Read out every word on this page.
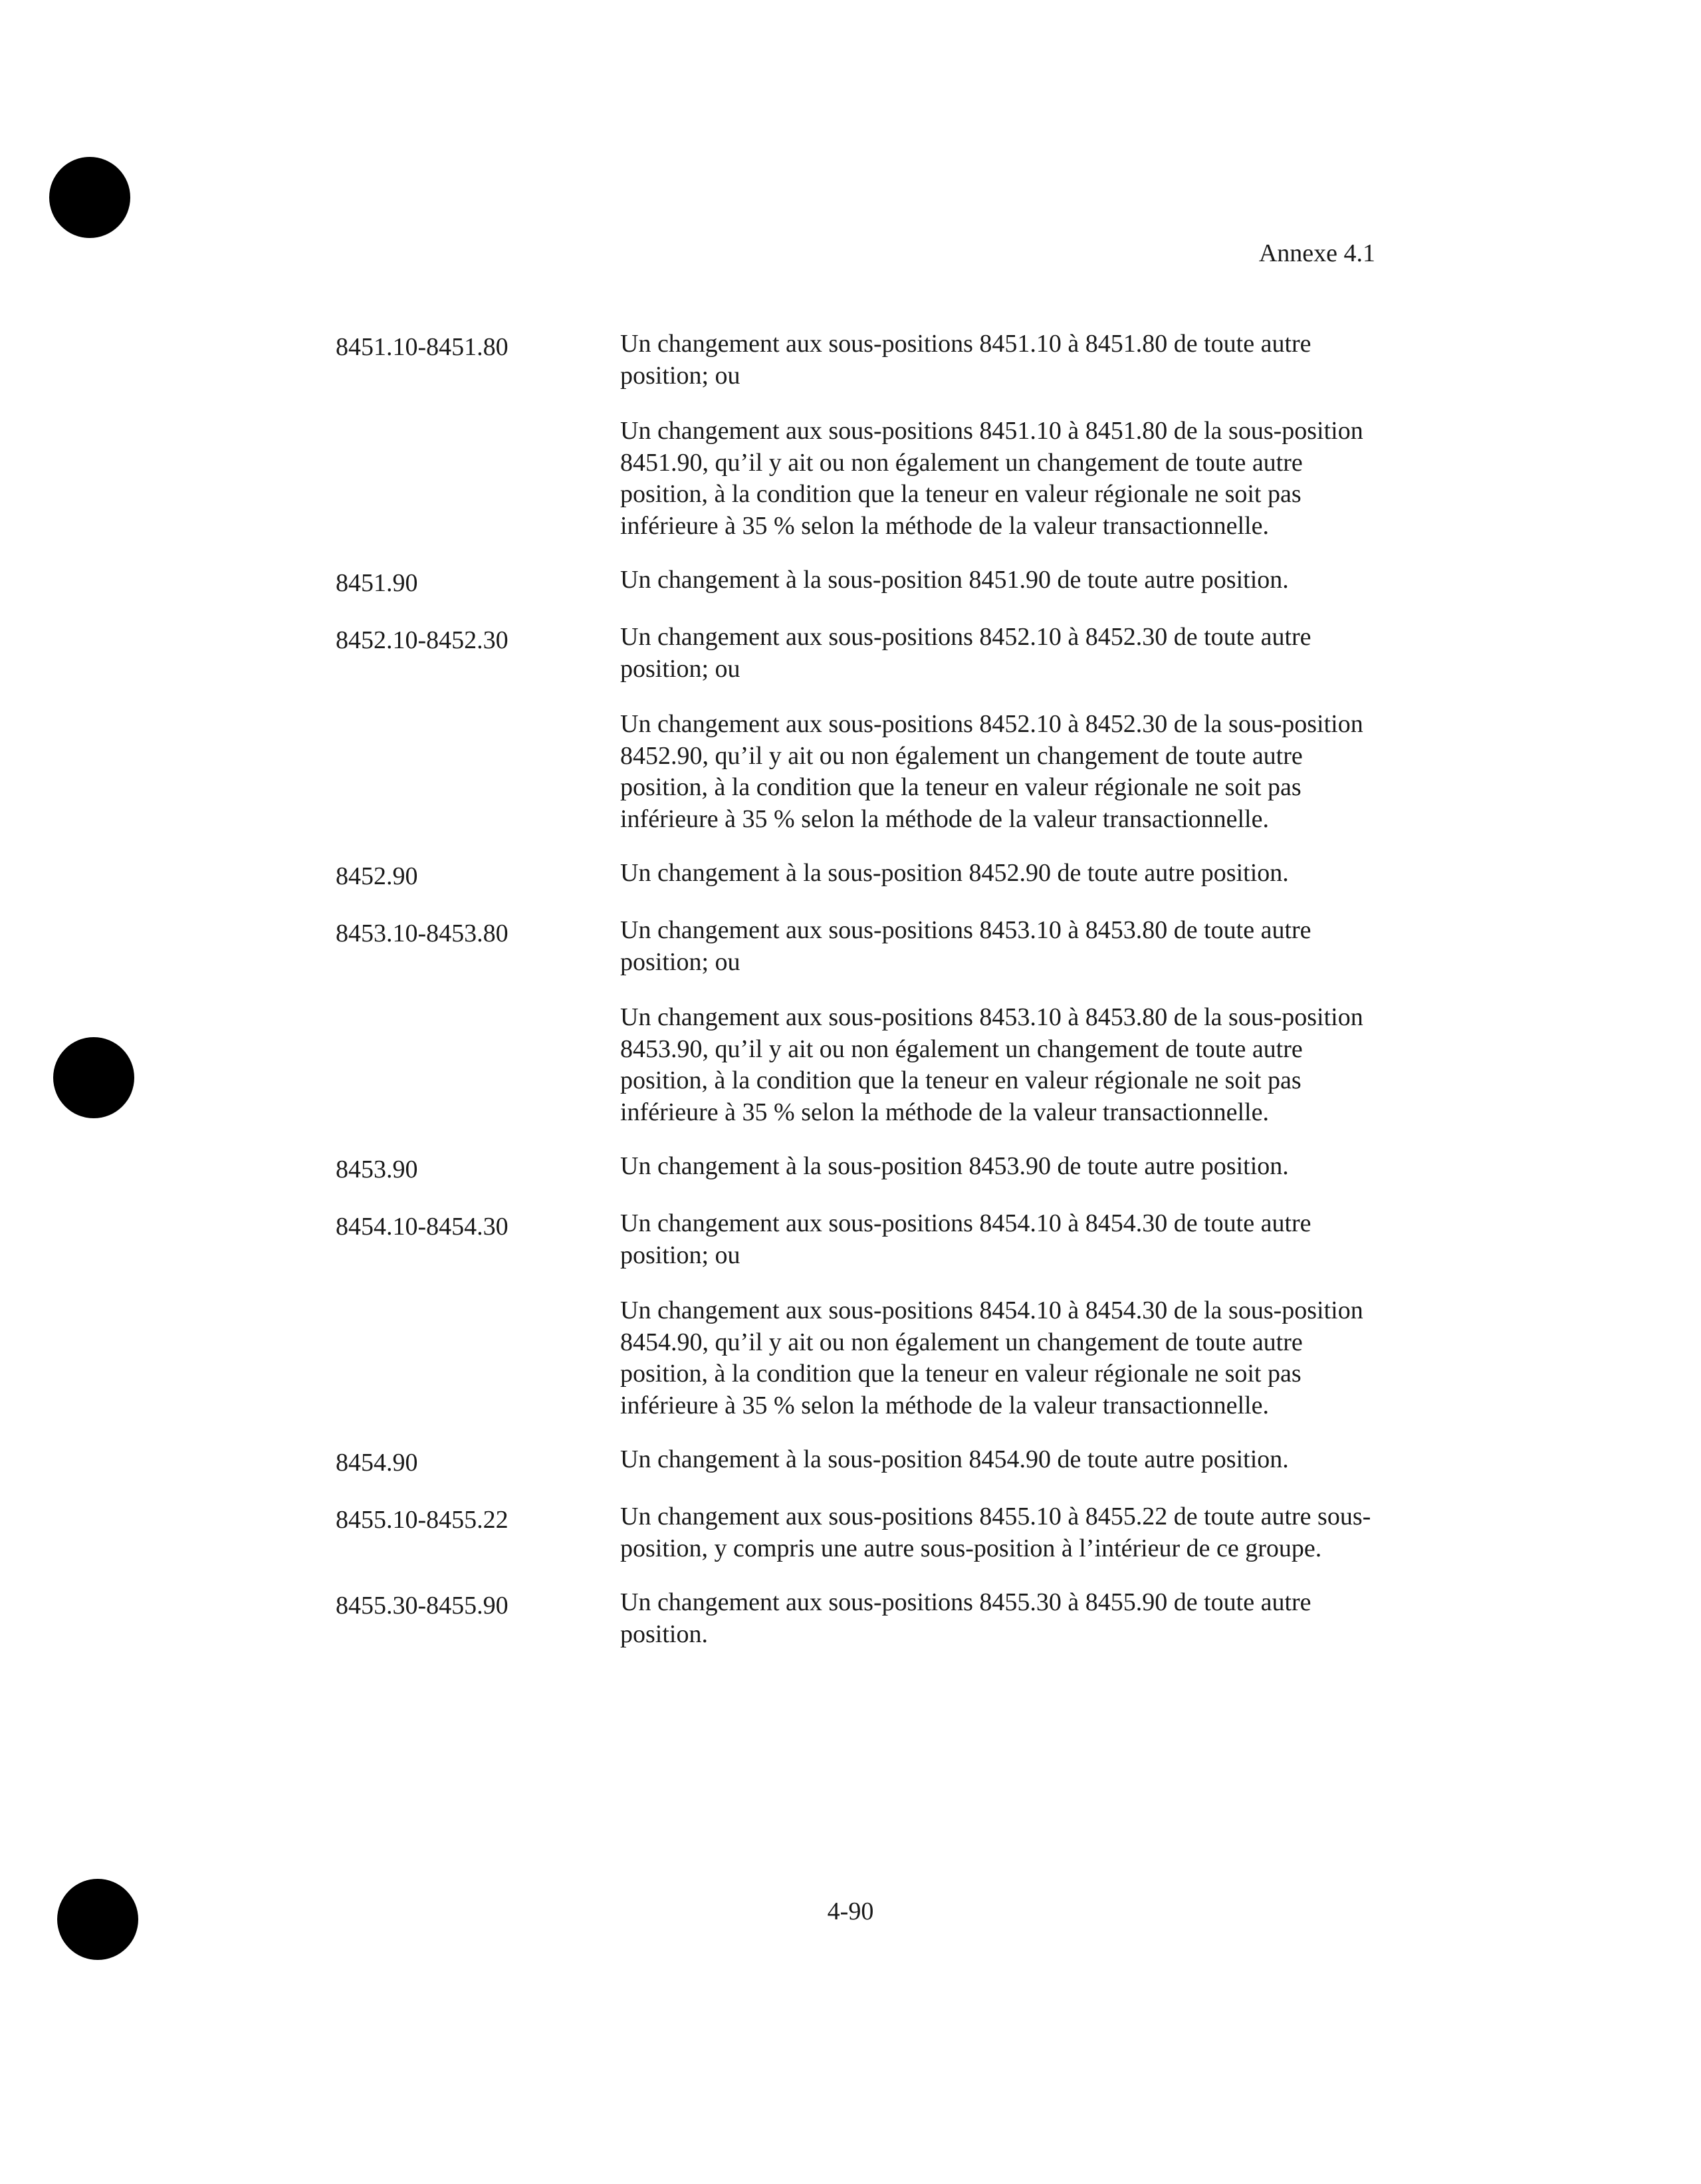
Annexe 4.1
8451.10-8451.80	Un changement aux sous-positions 8451.10 à 8451.80 de toute autre position; ou

Un changement aux sous-positions 8451.10 à 8451.80 de la sous-position 8451.90, qu’il y ait ou non également un changement de toute autre position, à la condition que la teneur en valeur régionale ne soit pas inférieure à 35 % selon la méthode de la valeur transactionnelle.

8451.90	Un changement à la sous-position 8451.90 de toute autre position.

8452.10-8452.30	Un changement aux sous-positions 8452.10 à 8452.30 de toute autre position; ou

Un changement aux sous-positions 8452.10 à 8452.30 de la sous-position 8452.90, qu’il y ait ou non également un changement de toute autre position, à la condition que la teneur en valeur régionale ne soit pas inférieure à 35 % selon la méthode de la valeur transactionnelle.

8452.90	Un changement à la sous-position 8452.90 de toute autre position.

8453.10-8453.80	Un changement aux sous-positions 8453.10 à 8453.80 de toute autre position; ou

Un changement aux sous-positions 8453.10 à 8453.80 de la sous-position 8453.90, qu’il y ait ou non également un changement de toute autre position, à la condition que la teneur en valeur régionale ne soit pas inférieure à 35 % selon la méthode de la valeur transactionnelle.

8453.90	Un changement à la sous-position 8453.90 de toute autre position.

8454.10-8454.30	Un changement aux sous-positions 8454.10 à 8454.30 de toute autre position; ou

Un changement aux sous-positions 8454.10 à 8454.30 de la sous-position 8454.90, qu’il y ait ou non également un changement de toute autre position, à la condition que la teneur en valeur régionale ne soit pas inférieure à 35 % selon la méthode de la valeur transactionnelle.

8454.90	Un changement à la sous-position 8454.90 de toute autre position.

8455.10-8455.22	Un changement aux sous-positions 8455.10 à 8455.22 de toute autre sous-position, y compris une autre sous-position à l’intérieur de ce groupe.

8455.30-8455.90	Un changement aux sous-positions 8455.30 à 8455.90 de toute autre position.

4-90
